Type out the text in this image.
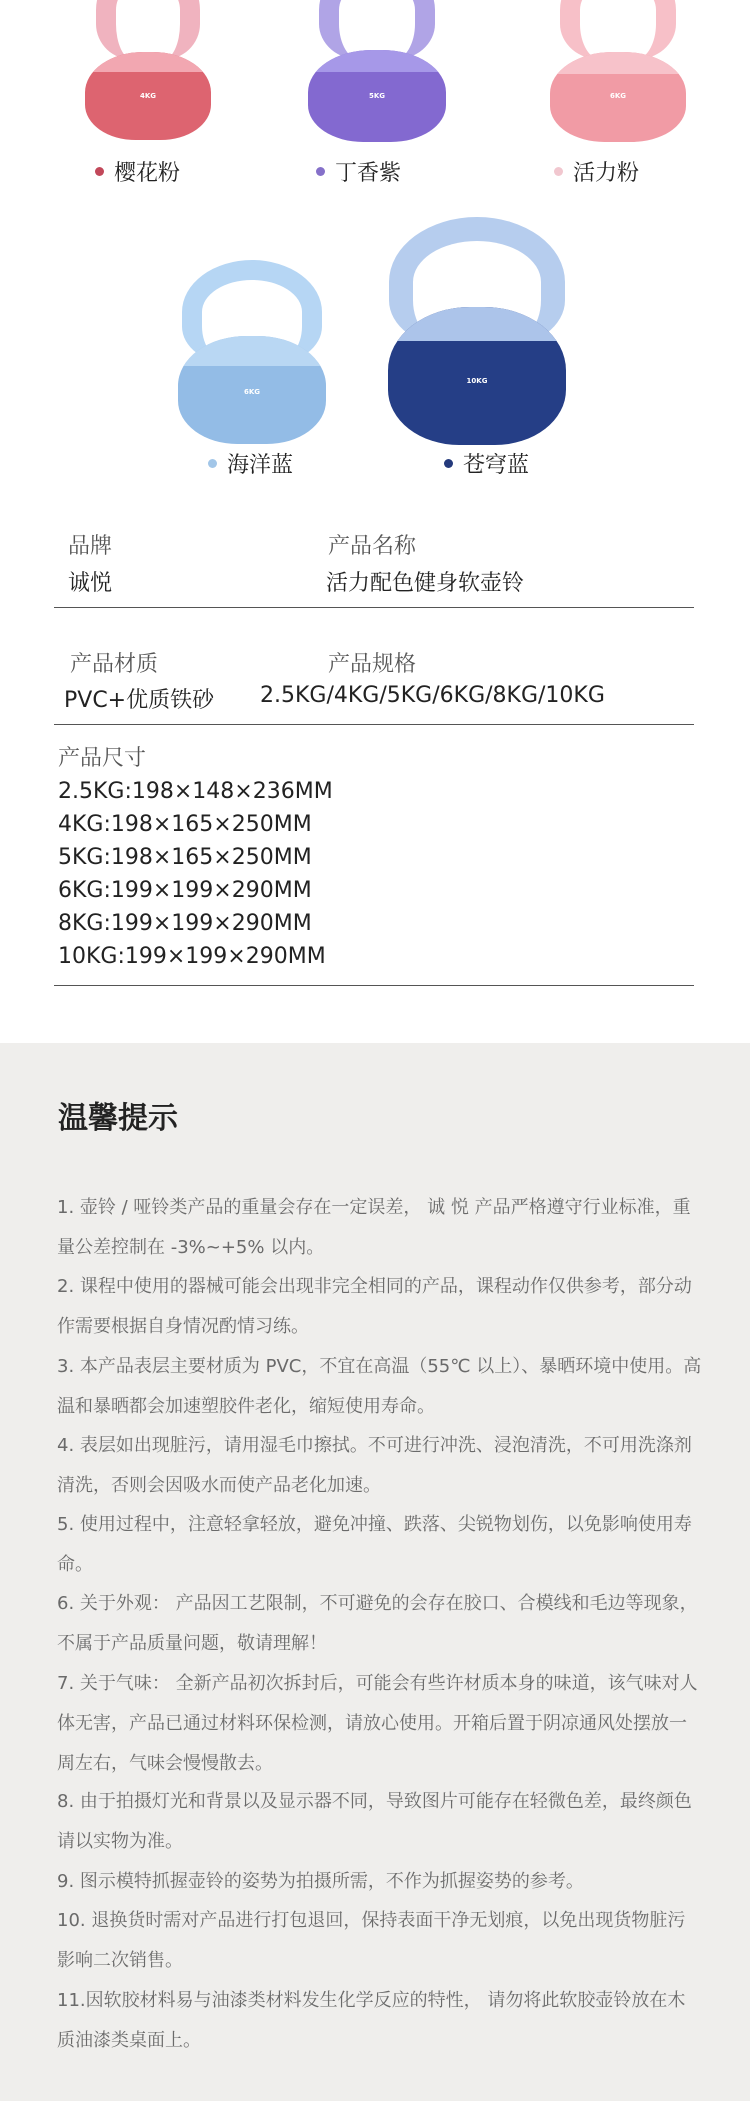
4KG	5KG	6KG
樱花粉	丁香紫	活力粉
6KG
10KG
海洋蓝	苍穹蓝
品牌
诚悦
产品名称
活力配色健身软壶铃
产品材质
PVC+优质铁砂
产品规格
2.5KG/4KG/5KG/6KG/8KG/10KG
产品尺寸
2.5KG:198×148×236MM
4KG:198×165×250MM
5KG:198×165×250MM
6KG:199×199×290MM
8KG:199×199×290MM
10KG:199×199×290MM
温馨提示
1. 壶铃 / 哑铃类产品的重量会存在一定误差， 诚 悦 产品严格遵守行业标准，重量公差控制在 -3%~+5% 以内。
2. 课程中使用的器械可能会出现非完全相同的产品，课程动作仅供参考，部分动作需要根据自身情况酌情习练。
3. 本产品表层主要材质为 PVC，不宜在高温（55℃ 以上）、暴晒环境中使用。高温和暴晒都会加速塑胶件老化，缩短使用寿命。
4. 表层如出现脏污，请用湿毛巾擦拭。不可进行冲洗、浸泡清洗，不可用洗涤剂清洗，否则会因吸水而使产品老化加速。
5. 使用过程中，注意轻拿轻放，避免冲撞、跌落、尖锐物划伤，以免影响使用寿命。
6. 关于外观： 产品因工艺限制，不可避免的会存在胶口、合模线和毛边等现象，不属于产品质量问题，敬请理解！
7. 关于气味： 全新产品初次拆封后，可能会有些许材质本身的味道，该气味对人体无害，产品已通过材料环保检测，请放心使用。开箱后置于阴凉通风处摆放一周左右，气味会慢慢散去。
8. 由于拍摄灯光和背景以及显示器不同，导致图片可能存在轻微色差，最终颜色请以实物为准。
9. 图示模特抓握壶铃的姿势为拍摄所需，不作为抓握姿势的参考。
10. 退换货时需对产品进行打包退回，保持表面干净无划痕，以免出现货物脏污影响二次销售。
11.因软胶材料易与油漆类材料发生化学反应的特性， 请勿将此软胶壶铃放在木质油漆类桌面上。
